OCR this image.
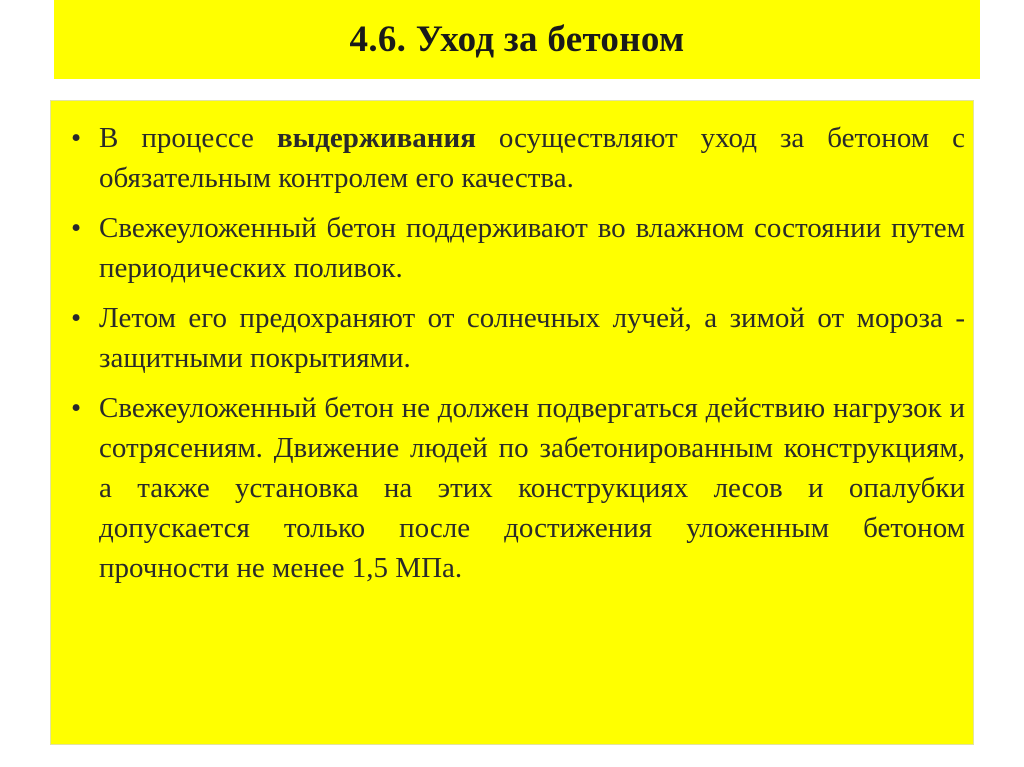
4.6. Уход за бетоном
• В процессе выдерживания осуществляют уход за бетоном с обязательным контролем его качества.
• Свежеуложенный бетон поддерживают во влажном состоянии путем периодических поливок.
• Летом его предохраняют от солнечных лучей, а зимой от мороза - защитными покрытиями.
• Свежеуложенный бетон не должен подвергаться действию нагрузок и сотрясениям. Движение людей по забетонированным конструкциям, а также установка на этих конструкциях лесов и опалубки допускается только после достижения уложенным бетоном прочности не менее 1,5 МПа.
